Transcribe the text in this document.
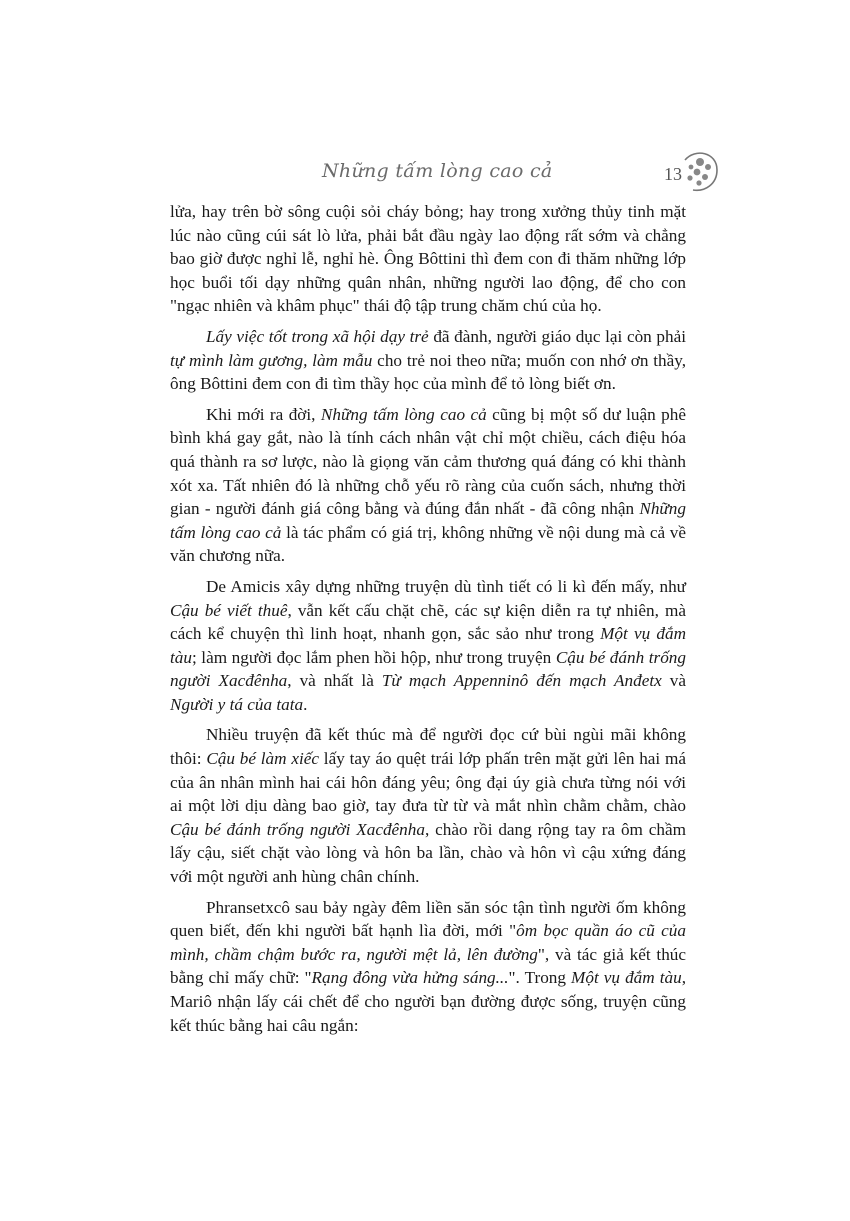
Những tấm lòng cao cả	13

lửa, hay trên bờ sông cuội sỏi cháy bỏng; hay trong xưởng thủy tinh mặt lúc nào cũng cúi sát lò lửa, phải bắt đầu ngày lao động rất sớm và chẳng bao giờ được nghỉ lễ, nghỉ hè. Ông Bôttini thì đem con đi thăm những lớp học buổi tối dạy những quân nhân, những người lao động, để cho con "ngạc nhiên và khâm phục" thái độ tập trung chăm chú của họ.

Lấy việc tốt trong xã hội dạy trẻ đã đành, người giáo dục lại còn phải tự mình làm gương, làm mẫu cho trẻ noi theo nữa; muốn con nhớ ơn thầy, ông Bôttini đem con đi tìm thầy học của mình để tỏ lòng biết ơn.

Khi mới ra đời, Những tấm lòng cao cả cũng bị một số dư luận phê bình khá gay gắt, nào là tính cách nhân vật chỉ một chiều, cách điệu hóa quá thành ra sơ lược, nào là giọng văn cảm thương quá đáng có khi thành xót xa. Tất nhiên đó là những chỗ yếu rõ ràng của cuốn sách, nhưng thời gian - người đánh giá công bằng và đúng đắn nhất - đã công nhận Những tấm lòng cao cả là tác phẩm có giá trị, không những về nội dung mà cả về văn chương nữa.

De Amicis xây dựng những truyện dù tình tiết có li kì đến mấy, như Cậu bé viết thuê, vẫn kết cấu chặt chẽ, các sự kiện diễn ra tự nhiên, mà cách kể chuyện thì linh hoạt, nhanh gọn, sắc sảo như trong Một vụ đắm tàu; làm người đọc lắm phen hồi hộp, như trong truyện Cậu bé đánh trống người Xacđênha, và nhất là Từ mạch Appenninô đến mạch Anđetx và Người y tá của tata.

Nhiều truyện đã kết thúc mà để người đọc cứ bùi ngùi mãi không thôi: Cậu bé làm xiếc lấy tay áo quệt trái lớp phấn trên mặt gửi lên hai má của ân nhân mình hai cái hôn đáng yêu; ông đại úy già chưa từng nói với ai một lời dịu dàng bao giờ, tay đưa từ từ và mắt nhìn chằm chằm, chào Cậu bé đánh trống người Xacđênha, chào rồi dang rộng tay ra ôm chầm lấy cậu, siết chặt vào lòng và hôn ba lần, chào và hôn vì cậu xứng đáng với một người anh hùng chân chính.

Phransetxcô sau bảy ngày đêm liền săn sóc tận tình người ốm không quen biết, đến khi người bất hạnh lìa đời, mới "ôm bọc quần áo cũ của mình, chầm chậm bước ra, người mệt lả, lên đường", và tác giả kết thúc bằng chỉ mấy chữ: "Rạng đông vừa hửng sáng...". Trong Một vụ đắm tàu, Mariô nhận lấy cái chết để cho người bạn đường được sống, truyện cũng kết thúc bằng hai câu ngắn:
